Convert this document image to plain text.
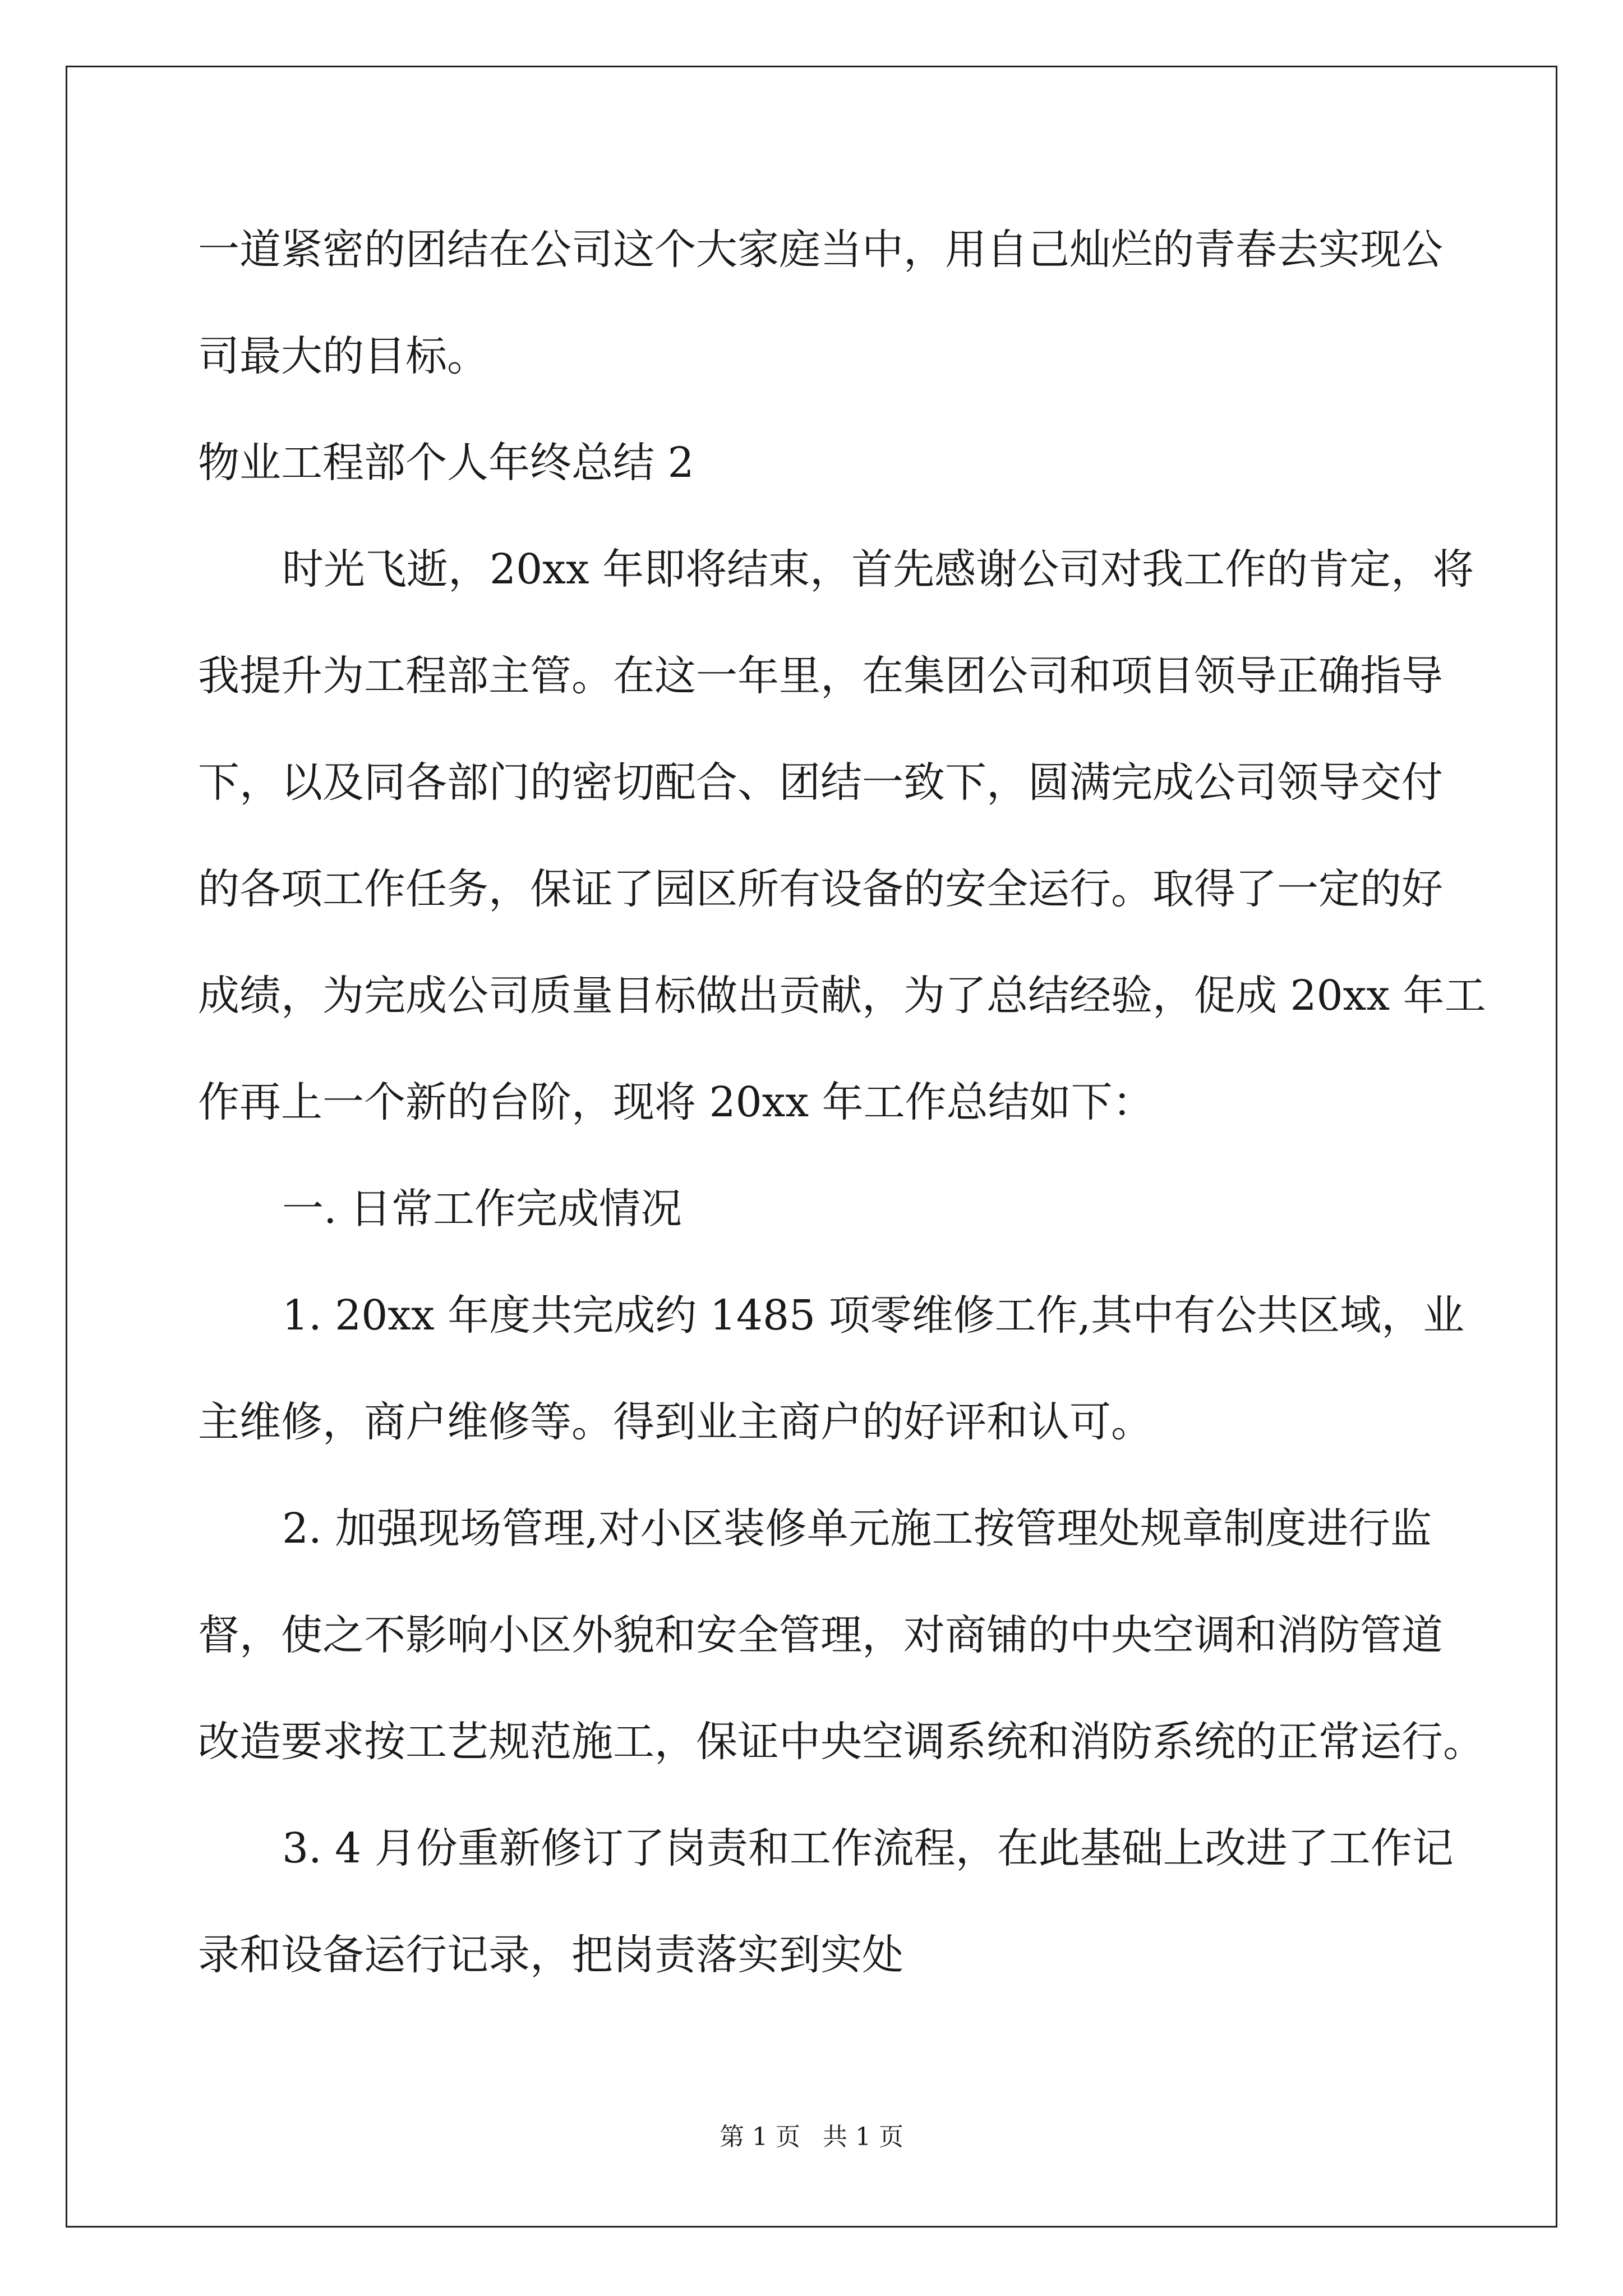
一道紧密的团结在公司这个大家庭当中，用自己灿烂的青春去实现公
司最大的目标。
物业工程部个人年终总结 2
时光飞逝，20xx 年即将结束，首先感谢公司对我工作的肯定，将
我提升为工程部主管。在这一年里，在集团公司和项目领导正确指导
下，以及同各部门的密切配合、团结一致下，圆满完成公司领导交付
的各项工作任务，保证了园区所有设备的安全运行。取得了一定的好
成绩，为完成公司质量目标做出贡献，为了总结经验，促成 20xx 年工
作再上一个新的台阶，现将 20xx 年工作总结如下：
一. 日常工作完成情况
1. 20xx 年度共完成约 1485 项零维修工作,其中有公共区域，业
主维修，商户维修等。得到业主商户的好评和认可。
2. 加强现场管理,对小区装修单元施工按管理处规章制度进行监
督，使之不影响小区外貌和安全管理，对商铺的中央空调和消防管道
改造要求按工艺规范施工，保证中央空调系统和消防系统的正常运行。
3. 4 月份重新修订了岗责和工作流程，在此基础上改进了工作记
录和设备运行记录，把岗责落实到实处
第 1 页 共 1 页
